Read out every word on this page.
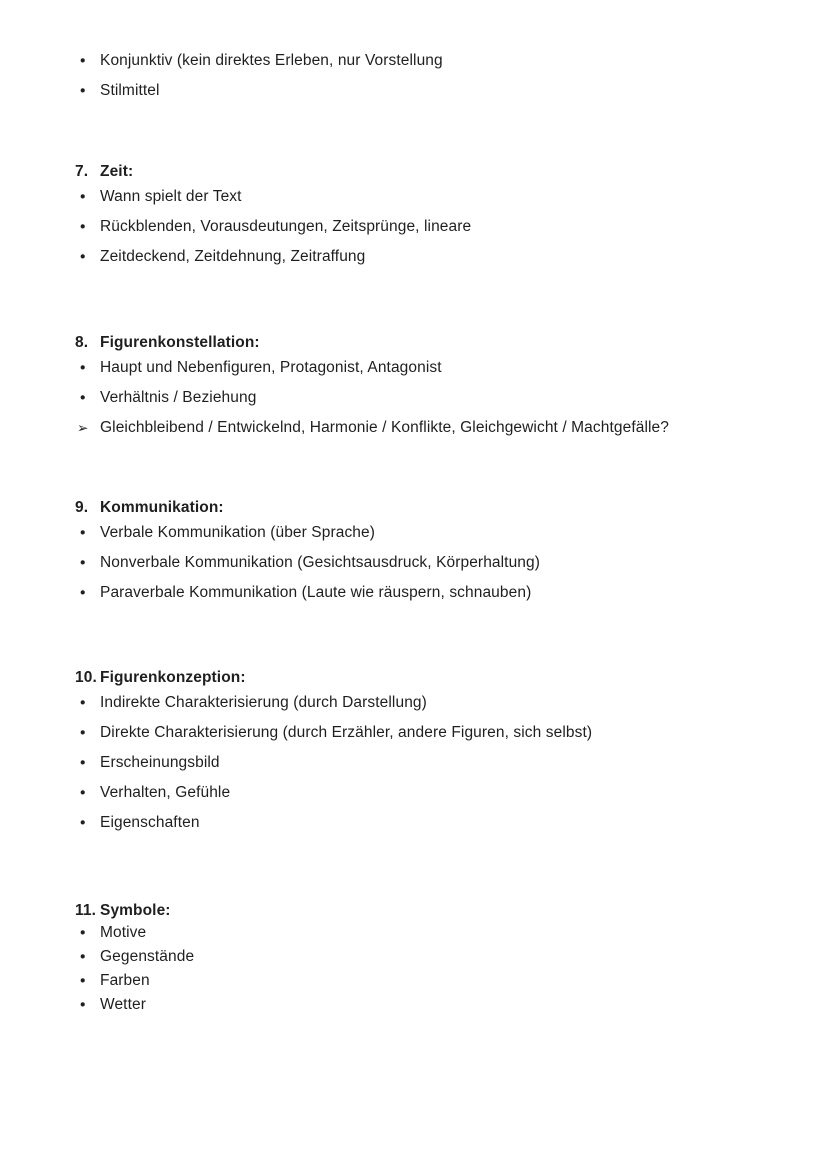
• Konjunktiv (kein direktes Erleben, nur Vorstellung
• Stilmittel
7. Zeit:
• Wann spielt der Text
• Rückblenden, Vorausdeutungen, Zeitsprünge, lineare
• Zeitdeckend, Zeitdehnung, Zeitraffung
8. Figurenkonstellation:
• Haupt und Nebenfiguren, Protagonist, Antagonist
• Verhältnis / Beziehung
➢ Gleichbleibend / Entwickelnd, Harmonie / Konflikte, Gleichgewicht / Machtgefälle?
9. Kommunikation:
• Verbale Kommunikation (über Sprache)
• Nonverbale Kommunikation (Gesichtsausdruck, Körperhaltung)
• Paraverbale Kommunikation (Laute wie räuspern, schnauben)
10. Figurenkonzeption:
• Indirekte Charakterisierung (durch Darstellung)
• Direkte Charakterisierung (durch Erzähler, andere Figuren, sich selbst)
• Erscheinungsbild
• Verhalten, Gefühle
• Eigenschaften
11. Symbole:
• Motive
• Gegenstände
• Farben
• Wetter
